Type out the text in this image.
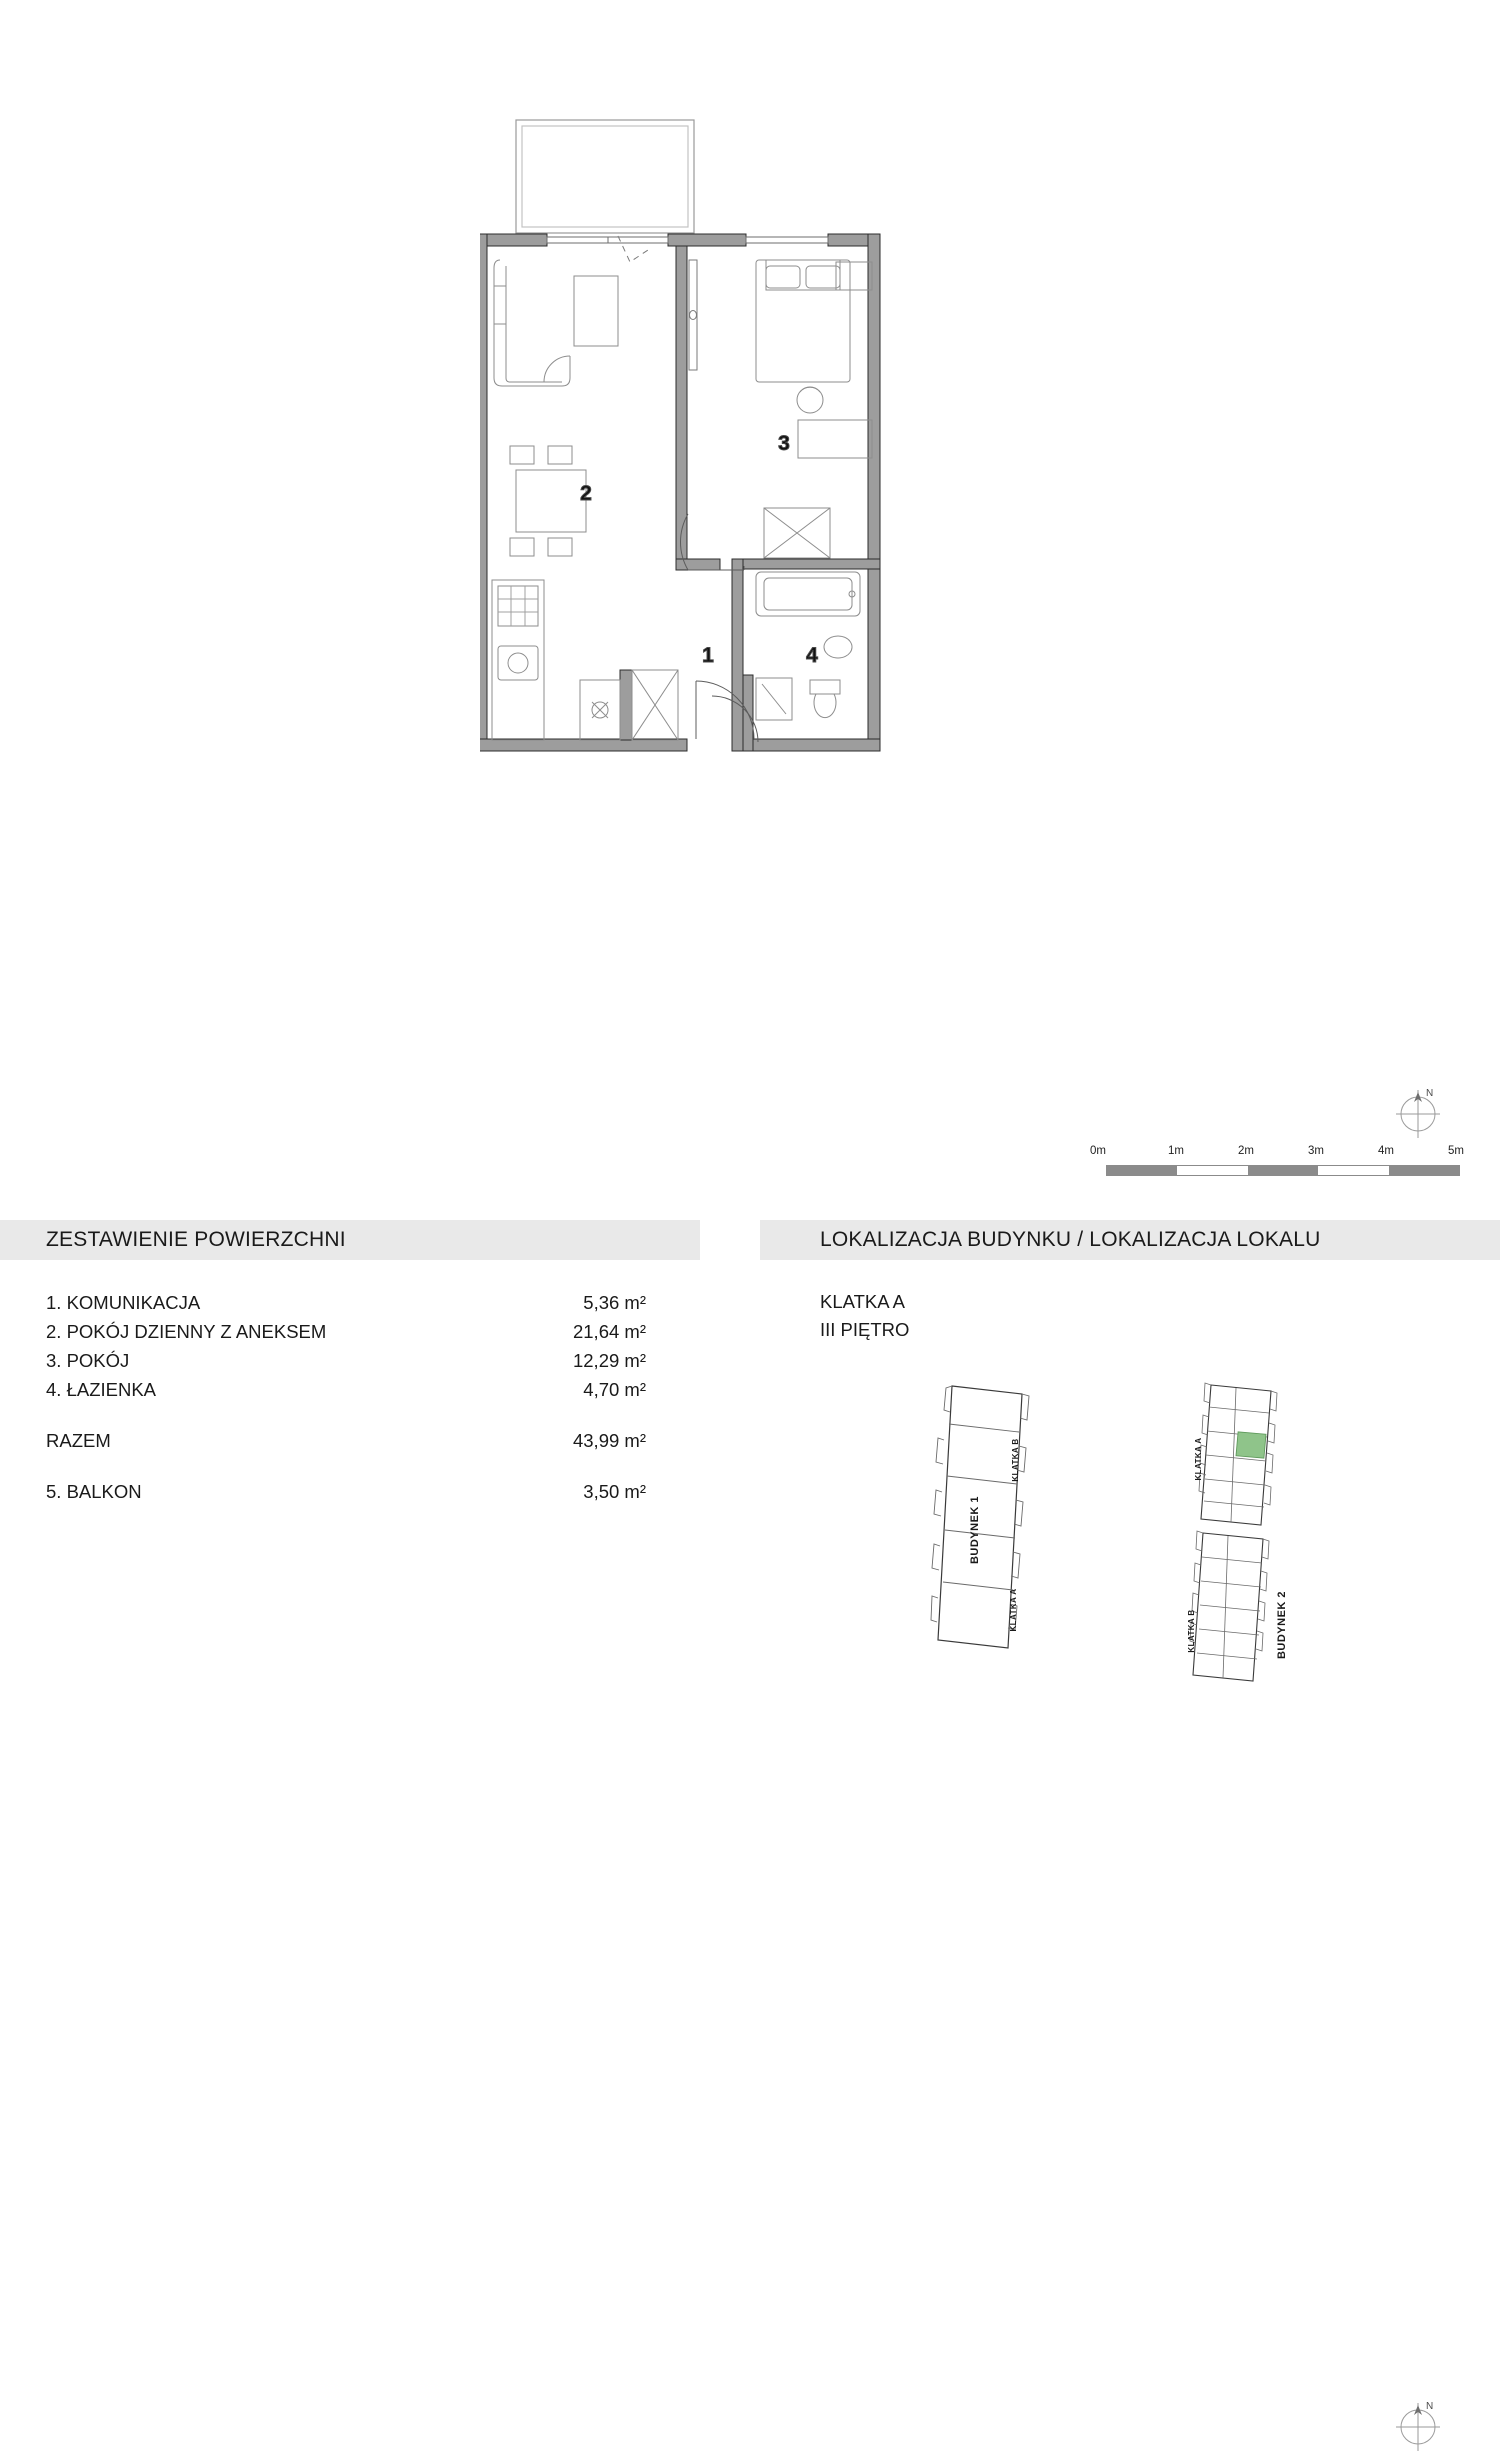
2
3
1	4
N
0m	1m	2m	3m	4m	5m
ZESTAWIENIE POWIERZCHNI	LOKALIZACJA BUDYNKU / LOKALIZACJA LOKALU
1. KOMUNIKACJA	5,36 m²
2. POKÓJ DZIENNY Z ANEKSEM	21,64 m²
3. POKÓJ	12,29 m²
4. ŁAZIENKA	4,70 m²
RAZEM	43,99 m²
5. BALKON	3,50 m²
KLATKA A
III PIĘTRO
N
BUDYNEK 1
KLATKA B
KLATKA A	BUDYNEK 2
KLATKA A
KLATKA B
